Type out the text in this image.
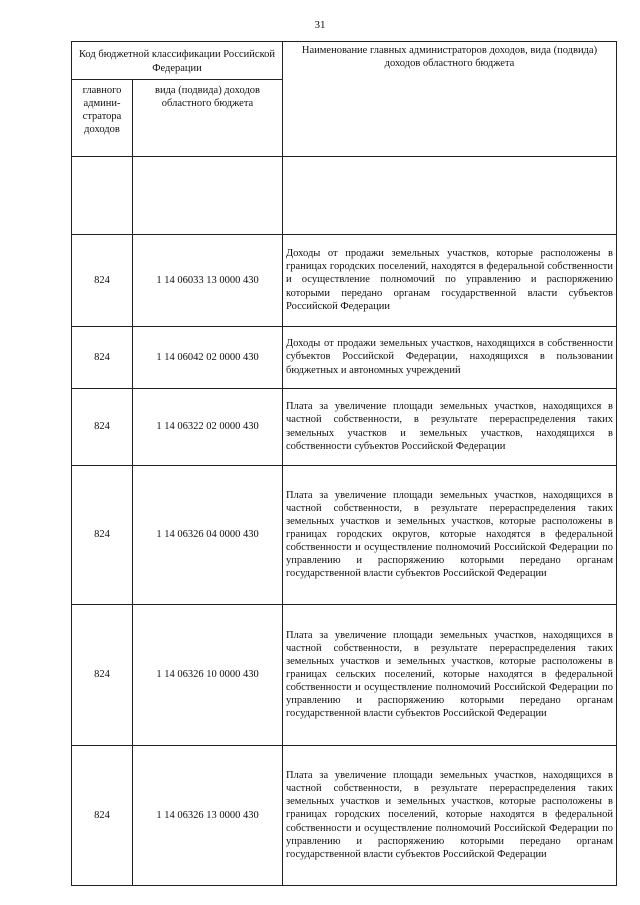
31
Код бюджетной классификации Российской Федерации		Наименование главных администраторов доходов, вида (подвида) доходов областного бюджета
главного админи-стратора доходов	вида (подвида) доходов областного бюджета	

824	1 14 06033 13 0000 430	Доходы от продажи земельных участков, которые расположены в границах городских поселений, находятся в федеральной собственности и осуществление полномочий по управлению и распоряжению которыми передано органам государственной власти субъектов Российской Федерации
824	1 14 06042 02 0000 430	Доходы от продажи земельных участков, находящихся в собственности субъектов Российской Федерации, находящихся в пользовании бюджетных и автономных учреждений
824	1 14 06322 02 0000 430	Плата за увеличение площади земельных участков, находящихся в частной собственности, в результате перераспределения таких земельных участков и земельных участков, находящихся в собственности субъектов Российской Федерации
824	1 14 06326 04 0000 430	Плата за увеличение площади земельных участков, находящихся в частной собственности, в результате перераспределения таких земельных участков и земельных участков, которые расположены в границах городских округов, которые находятся в федеральной собственности и осуществление полномочий Российской Федерации по управлению и распоряжению которыми передано органам государственной власти субъектов Российской Федерации
824	1 14 06326 10 0000 430	Плата за увеличение площади земельных участков, находящихся в частной собственности, в результате перераспределения таких земельных участков и земельных участков, которые расположены в границах сельских поселений, которые находятся в федеральной собственности и осуществление полномочий Российской Федерации по управлению и распоряжению которыми передано органам государственной власти субъектов Российской Федерации
824	1 14 06326 13 0000 430	Плата за увеличение площади земельных участков, находящихся в частной собственности, в результате перераспределения таких земельных участков и земельных участков, которые расположены в границах городских поселений, которые находятся в федеральной собственности и осуществление полномочий Российской Федерации по управлению и распоряжению которыми передано органам государственной власти субъектов Российской Федерации
